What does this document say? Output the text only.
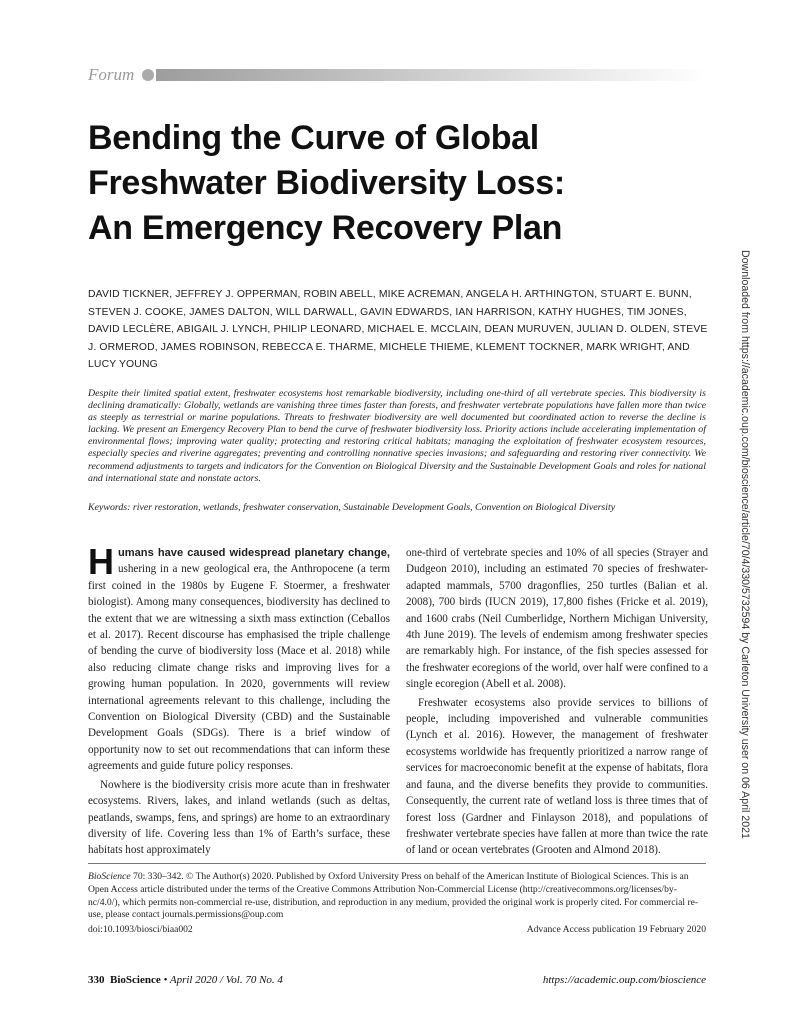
Forum
Bending the Curve of Global
Freshwater Biodiversity Loss:
An Emergency Recovery Plan

DAVID TICKNER, JEFFREY J. OPPERMAN, ROBIN ABELL, MIKE ACREMAN, ANGELA H. ARTHINGTON, STUART E. BUNN, STEVEN J. COOKE, JAMES DALTON, WILL DARWALL, GAVIN EDWARDS, IAN HARRISON, KATHY HUGHES, TIM JONES, DAVID LECLÈRE, ABIGAIL J. LYNCH, PHILIP LEONARD, MICHAEL E. MCCLAIN, DEAN MURUVEN, JULIAN D. OLDEN, STEVE J. ORMEROD, JAMES ROBINSON, REBECCA E. THARME, MICHELE THIEME, KLEMENT TOCKNER, MARK WRIGHT, AND LUCY YOUNG	Downloaded from https://academic.oup.com/bioscience/article/70/4/330/5732594 by Carleton University user on 06 April 2021

Despite their limited spatial extent, freshwater ecosystems host remarkable biodiversity, including one-third of all vertebrate species. This biodiversity is declining dramatically: Globally, wetlands are vanishing three times faster than forests, and freshwater vertebrate populations have fallen more than twice as steeply as terrestrial or marine populations. Threats to freshwater biodiversity are well documented but coordinated action to reverse the decline is lacking. We present an Emergency Recovery Plan to bend the curve of freshwater biodiversity loss. Priority actions include accelerating implementation of environmental flows; improving water quality; protecting and restoring critical habitats; managing the exploitation of freshwater ecosystem resources, especially species and riverine aggregates; preventing and controlling nonnative species invasions; and safeguarding and restoring river connectivity. We recommend adjustments to targets and indicators for the Convention on Biological Diversity and the Sustainable Development Goals and roles for national and international state and nonstate actors.

Keywords: river restoration, wetlands, freshwater conservation, Sustainable Development Goals, Convention on Biological Diversity

Humans have caused widespread planetary change, ushering in a new geological era, the Anthropocene (a term first coined in the 1980s by Eugene F. Stoermer, a freshwater biologist). Among many consequences, biodiversity has declined to the extent that we are witnessing a sixth mass extinction (Ceballos et al. 2017). Recent discourse has emphasised the triple challenge of bending the curve of biodiversity loss (Mace et al. 2018) while also reducing climate change risks and improving lives for a growing human population. In 2020, governments will review international agreements relevant to this challenge, including the Convention on Biological Diversity (CBD) and the Sustainable Development Goals (SDGs). There is a brief window of opportunity now to set out recommendations that can inform these agreements and guide future policy responses.

Nowhere is the biodiversity crisis more acute than in freshwater ecosystems. Rivers, lakes, and inland wetlands (such as deltas, peatlands, swamps, fens, and springs) are home to an extraordinary diversity of life. Covering less than 1% of Earth’s surface, these habitats host approximately

one-third of vertebrate species and 10% of all species (Strayer and Dudgeon 2010), including an estimated 70 species of freshwater-adapted mammals, 5700 dragonflies, 250 turtles (Balian et al. 2008), 700 birds (IUCN 2019), 17,800 fishes (Fricke et al. 2019), and 1600 crabs (Neil Cumberlidge, Northern Michigan University, 4th June 2019). The levels of endemism among freshwater species are remarkably high. For instance, of the fish species assessed for the freshwater ecoregions of the world, over half were confined to a single ecoregion (Abell et al. 2008).

Freshwater ecosystems also provide services to billions of people, including impoverished and vulnerable communities (Lynch et al. 2016). However, the management of freshwater ecosystems worldwide has frequently prioritized a narrow range of services for macroeconomic benefit at the expense of habitats, flora and fauna, and the diverse benefits they provide to communities. Consequently, the current rate of wetland loss is three times that of forest loss (Gardner and Finlayson 2018), and populations of freshwater vertebrate species have fallen at more than twice the rate of land or ocean vertebrates (Grooten and Almond 2018).

BioScience 70: 330–342. © The Author(s) 2020. Published by Oxford University Press on behalf of the American Institute of Biological Sciences. This is an Open Access article distributed under the terms of the Creative Commons Attribution Non-Commercial License (http://creativecommons.org/licenses/by-nc/4.0/), which permits non-commercial re-use, distribution, and reproduction in any medium, provided the original work is properly cited. For commercial re-use, please contact journals.permissions@oup.com

doi:10.1093/biosci/biaa002	Advance Access publication 19 February 2020
330 BioScience • April 2020 / Vol. 70 No. 4	https://academic.oup.com/bioscience
